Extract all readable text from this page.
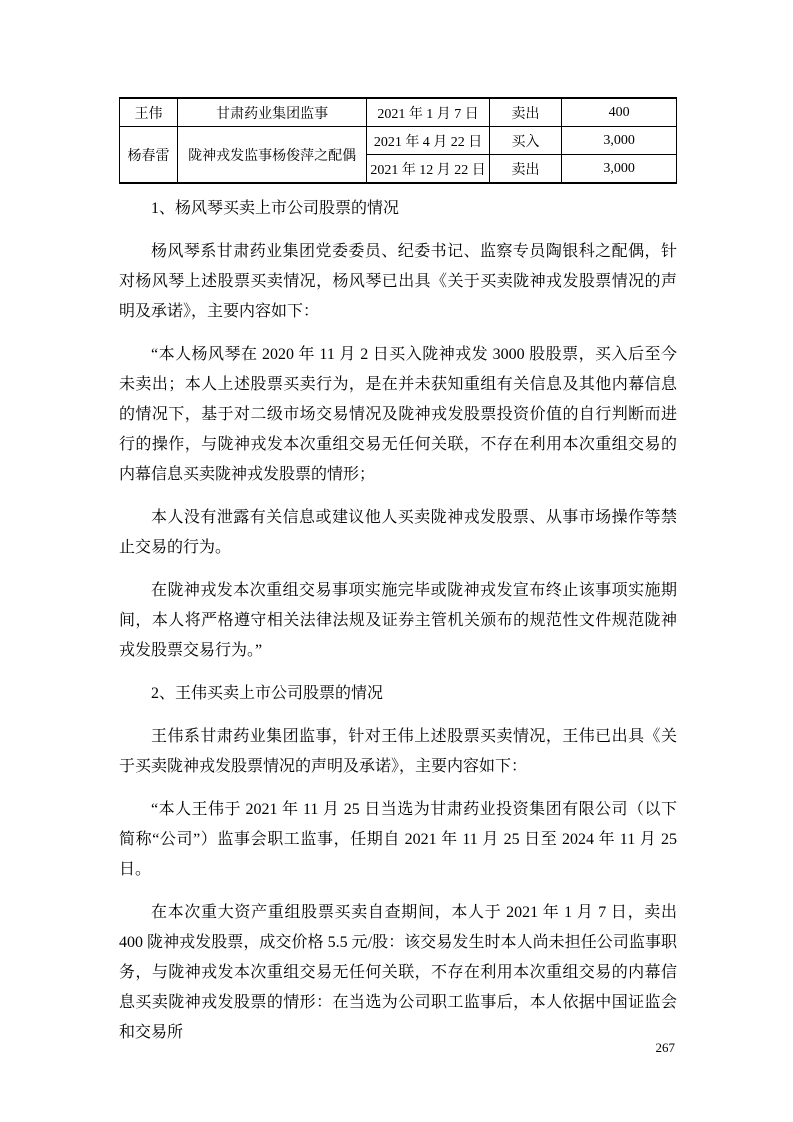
王伟	甘肃药业集团监事	2021 年 1 月 7 日	卖出	400
杨春雷	陇神戎发监事杨俊萍之配偶	2021 年 4 月 22 日	买入	3,000
		2021 年 12 月 22 日	卖出	3,000
1、杨风琴买卖上市公司股票的情况

杨风琴系甘肃药业集团党委委员、纪委书记、监察专员陶银科之配偶，针对杨风琴上述股票买卖情况，杨风琴已出具《关于买卖陇神戎发股票情况的声明及承诺》，主要内容如下：

“本人杨风琴在 2020 年 11 月 2 日买入陇神戎发 3000 股股票，买入后至今未卖出；本人上述股票买卖行为，是在并未获知重组有关信息及其他内幕信息的情况下，基于对二级市场交易情况及陇神戎发股票投资价值的自行判断而进行的操作，与陇神戎发本次重组交易无任何关联，不存在利用本次重组交易的内幕信息买卖陇神戎发股票的情形；

本人没有泄露有关信息或建议他人买卖陇神戎发股票、从事市场操作等禁止交易的行为。

在陇神戎发本次重组交易事项实施完毕或陇神戎发宣布终止该事项实施期间，本人将严格遵守相关法律法规及证券主管机关颁布的规范性文件规范陇神戎发股票交易行为。”

2、王伟买卖上市公司股票的情况

王伟系甘肃药业集团监事，针对王伟上述股票买卖情况，王伟已出具《关于买卖陇神戎发股票情况的声明及承诺》，主要内容如下：

“本人王伟于 2021 年 11 月 25 日当选为甘肃药业投资集团有限公司（以下简称“公司”）监事会职工监事，任期自 2021 年 11 月 25 日至 2024 年 11 月 25 日。

在本次重大资产重组股票买卖自查期间，本人于 2021 年 1 月 7 日，卖出 400 陇神戎发股票，成交价格 5.5 元/股：该交易发生时本人尚未担任公司监事职务，与陇神戎发本次重组交易无任何关联，不存在利用本次重组交易的内幕信息买卖陇神戎发股票的情形：在当选为公司职工监事后，本人依据中国证监会和交易所

267
